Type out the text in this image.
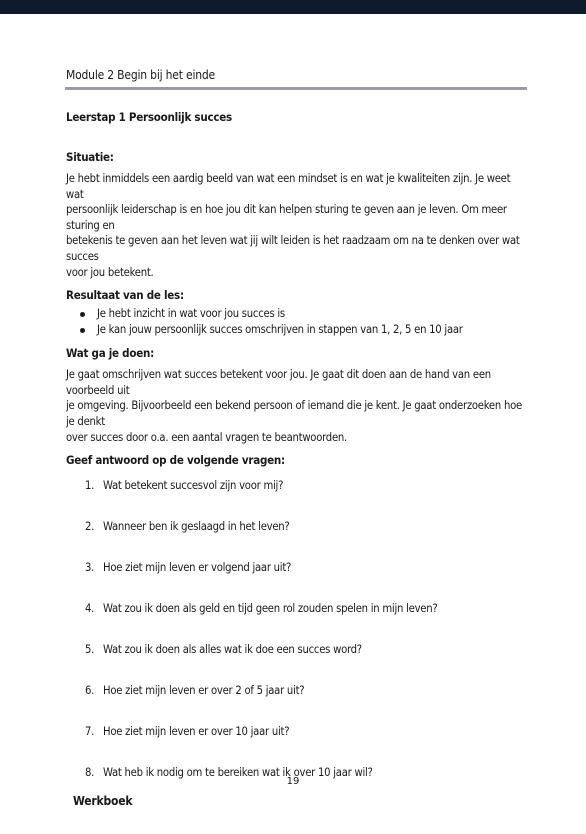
Module 2 Begin bij het einde

Leerstap 1 Persoonlijk succes

Situatie:

Je hebt inmiddels een aardig beeld van wat een mindset is en wat je kwaliteiten zijn. Je weet wat

persoonlijk leiderschap is en hoe jou dit kan helpen sturing te geven aan je leven. Om meer sturing en

betekenis te geven aan het leven wat jij wilt leiden is het raadzaam om na te denken over wat succes

voor jou betekent.

Resultaat van de les:

Je hebt inzicht in wat voor jou succes is
Je kan jouw persoonlijk succes omschrijven in stappen van 1, 2, 5 en 10 jaar

Wat ga je doen:

Je gaat omschrijven wat succes betekent voor jou. Je gaat dit doen aan de hand van een voorbeeld uit

je omgeving. Bijvoorbeeld een bekend persoon of iemand die je kent. Je gaat onderzoeken hoe je denkt

over succes door o.a. een aantal vragen te beantwoorden.

Geef antwoord op de volgende vragen:

1. Wat betekent succesvol zijn voor mij?
2. Wanneer ben ik geslaagd in het leven?
3. Hoe ziet mijn leven er volgend jaar uit?
4. Wat zou ik doen als geld en tijd geen rol zouden spelen in mijn leven?
5. Wat zou ik doen als alles wat ik doe een succes word?
6. Hoe ziet mijn leven er over 2 of 5 jaar uit?
7. Hoe ziet mijn leven er over 10 jaar uit?
8. Wat heb ik nodig om te bereiken wat ik over 10 jaar wil?
19
Werkboek
